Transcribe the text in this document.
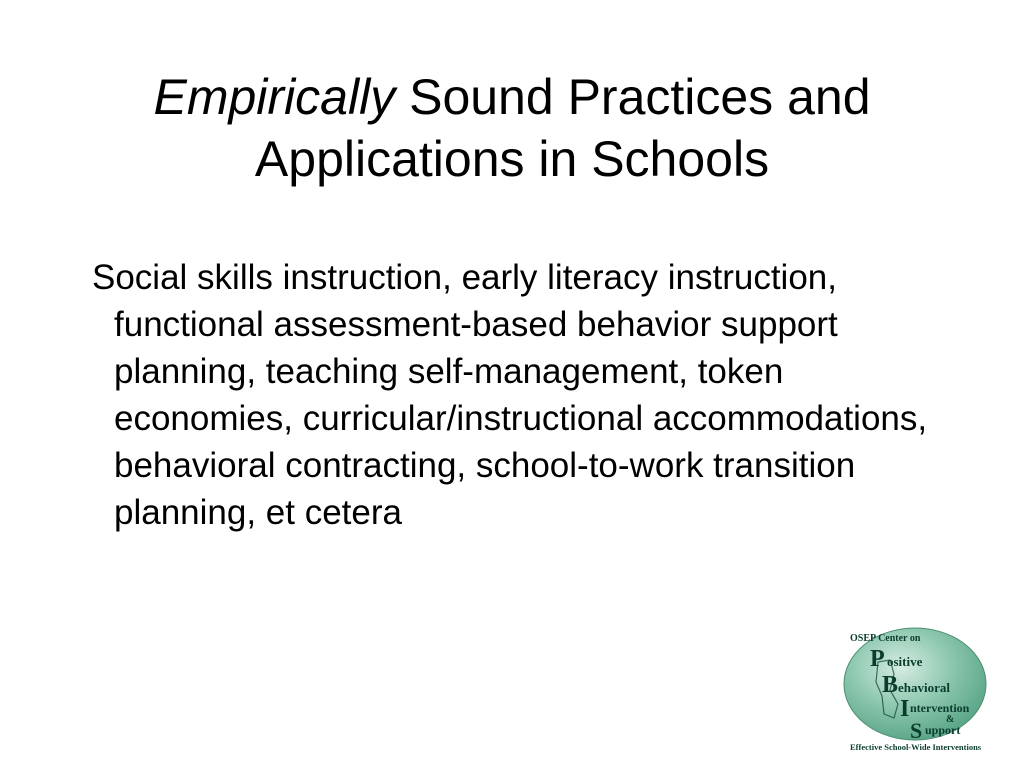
Empirically Sound Practices and Applications in Schools

Social skills instruction, early literacy instruction, functional assessment-based behavior support planning, teaching self-management, token economies, curricular/instructional accommodations, behavioral contracting, school-to-work transition planning, et cetera

OSEP Center on
P ositive
B ehavioral
I ntervention
&
S upport
Effective School-Wide Interventions
